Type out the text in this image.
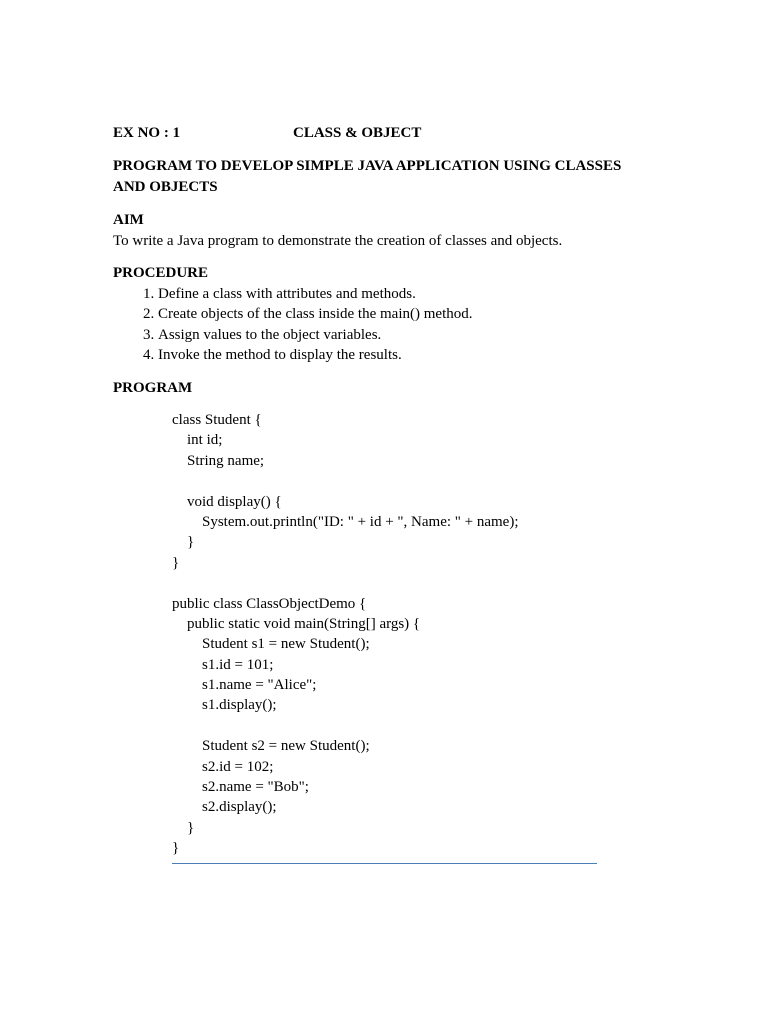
EX NO : 1	CLASS & OBJECT
PROGRAM TO DEVELOP SIMPLE JAVA APPLICATION USING CLASSES AND OBJECTS
AIM

To write a Java program to demonstrate the creation of classes and objects.

PROCEDURE
1. Define a class with attributes and methods.
2. Create objects of the class inside the main() method.
3. Assign values to the object variables.
4. Invoke the method to display the results.
PROGRAM
class Student {
int id;
String name;
void display() {
System.out.println("ID: " + id + ", Name: " + name);
}
}
public class ClassObjectDemo {
public static void main(String[] args) {
Student s1 = new Student();
s1.id = 101;
s1.name = "Alice";
s1.display();
Student s2 = new Student();
s2.id = 102;
s2.name = "Bob";
s2.display();
}
}
